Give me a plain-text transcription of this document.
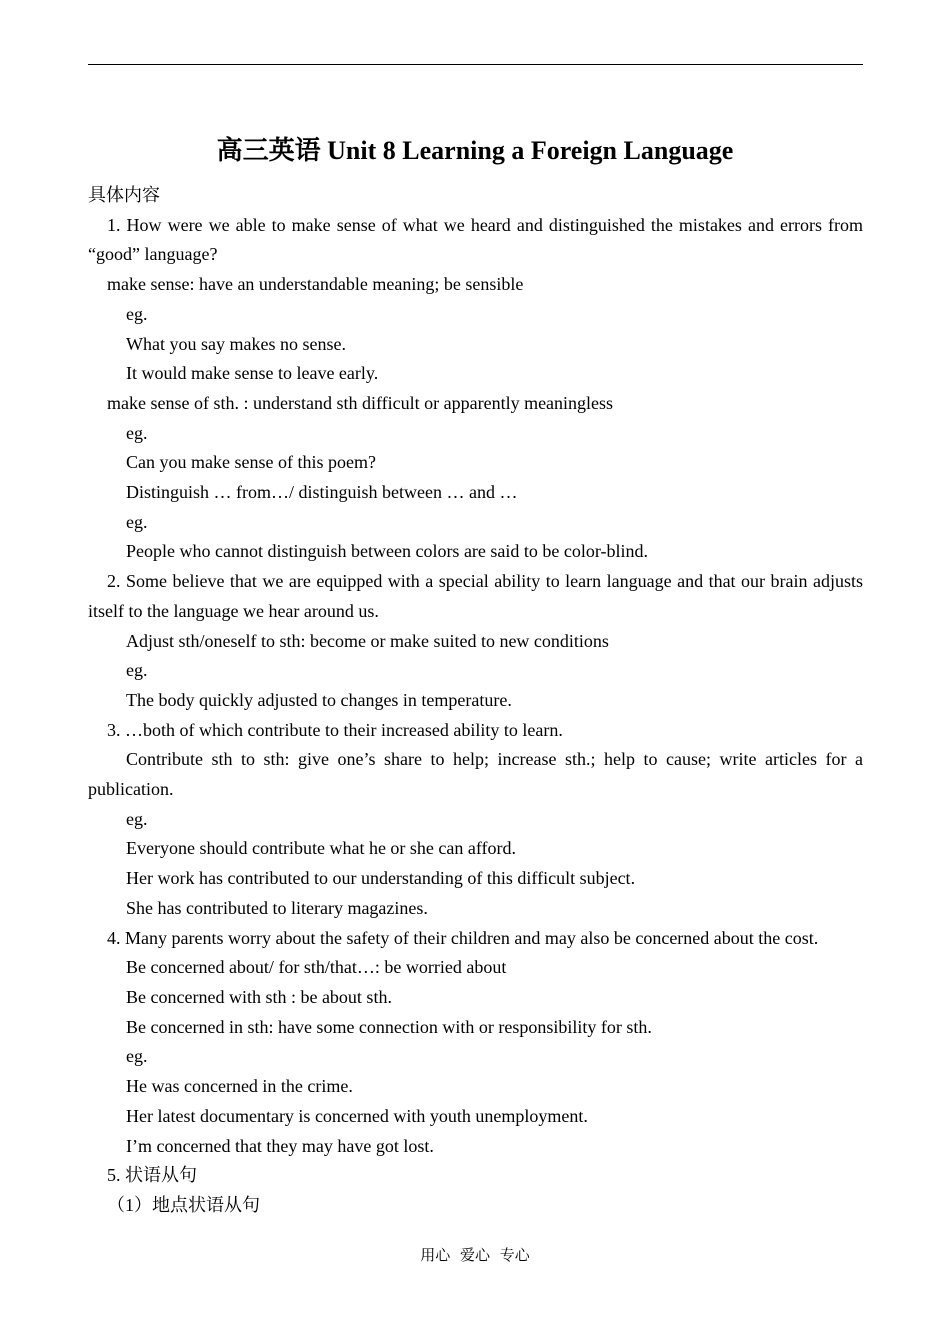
高三英语 Unit 8 Learning a Foreign Language

具体内容

1. How were we able to make sense of what we heard and distinguished the mistakes and errors from “good” language?

make sense: have an understandable meaning; be sensible

eg.

What you say makes no sense.

It would make sense to leave early.

make sense of sth. : understand sth difficult or apparently meaningless

eg.

Can you make sense of this poem?

Distinguish … from…/ distinguish between … and …

eg.

People who cannot distinguish between colors are said to be color-blind.

2. Some believe that we are equipped with a special ability to learn language and that our brain adjusts itself to the language we hear around us.

Adjust sth/oneself to sth: become or make suited to new conditions

eg.

The body quickly adjusted to changes in temperature.

3. …both of which contribute to their increased ability to learn.

Contribute sth to sth: give one’s share to help; increase sth.; help to cause; write articles for a publication.

eg.

Everyone should contribute what he or she can afford.

Her work has contributed to our understanding of this difficult subject.

She has contributed to literary magazines.

4. Many parents worry about the safety of their children and may also be concerned about the cost.

Be concerned about/ for sth/that…: be worried about

Be concerned with sth : be about sth.

Be concerned in sth: have some connection with or responsibility for sth.

eg.

He was concerned in the crime.

Her latest documentary is concerned with youth unemployment.

I’m concerned that they may have got lost.

5. 状语从句

（1）地点状语从句

用心 爱心 专心
